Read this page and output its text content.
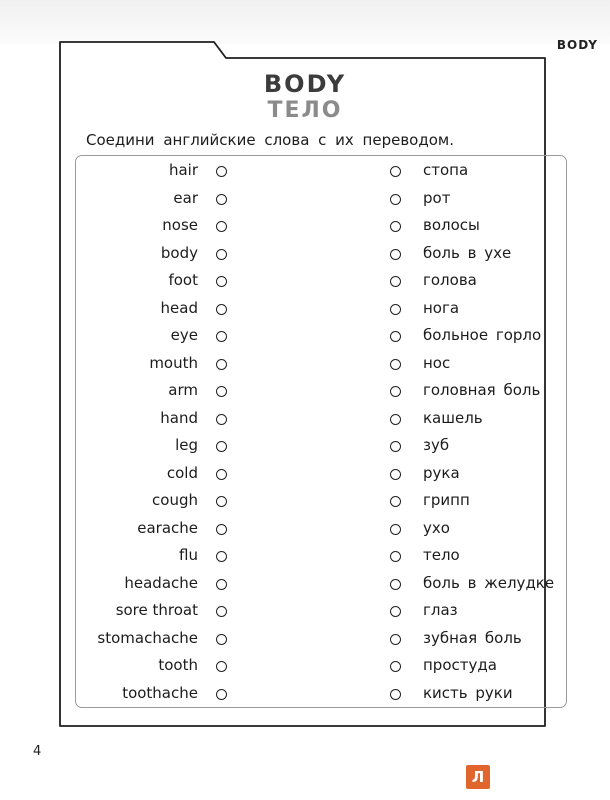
BODY
BODY
ТЕЛО
Соедини английские слова с их переводом.
hair	стопа
ear	рот
nose	волосы
body	боль в ухе
foot	голова
head	нога
eye	больное горло
mouth	нос
arm	головная боль
hand	кашель
leg	зуб
cold	рука
cough	грипп
earache	ухо
flu	тело
headache	боль в желудке
sore throat	глаз
stomachache	зубная боль
tooth	простуда
toothache	кисть руки
4
Л
